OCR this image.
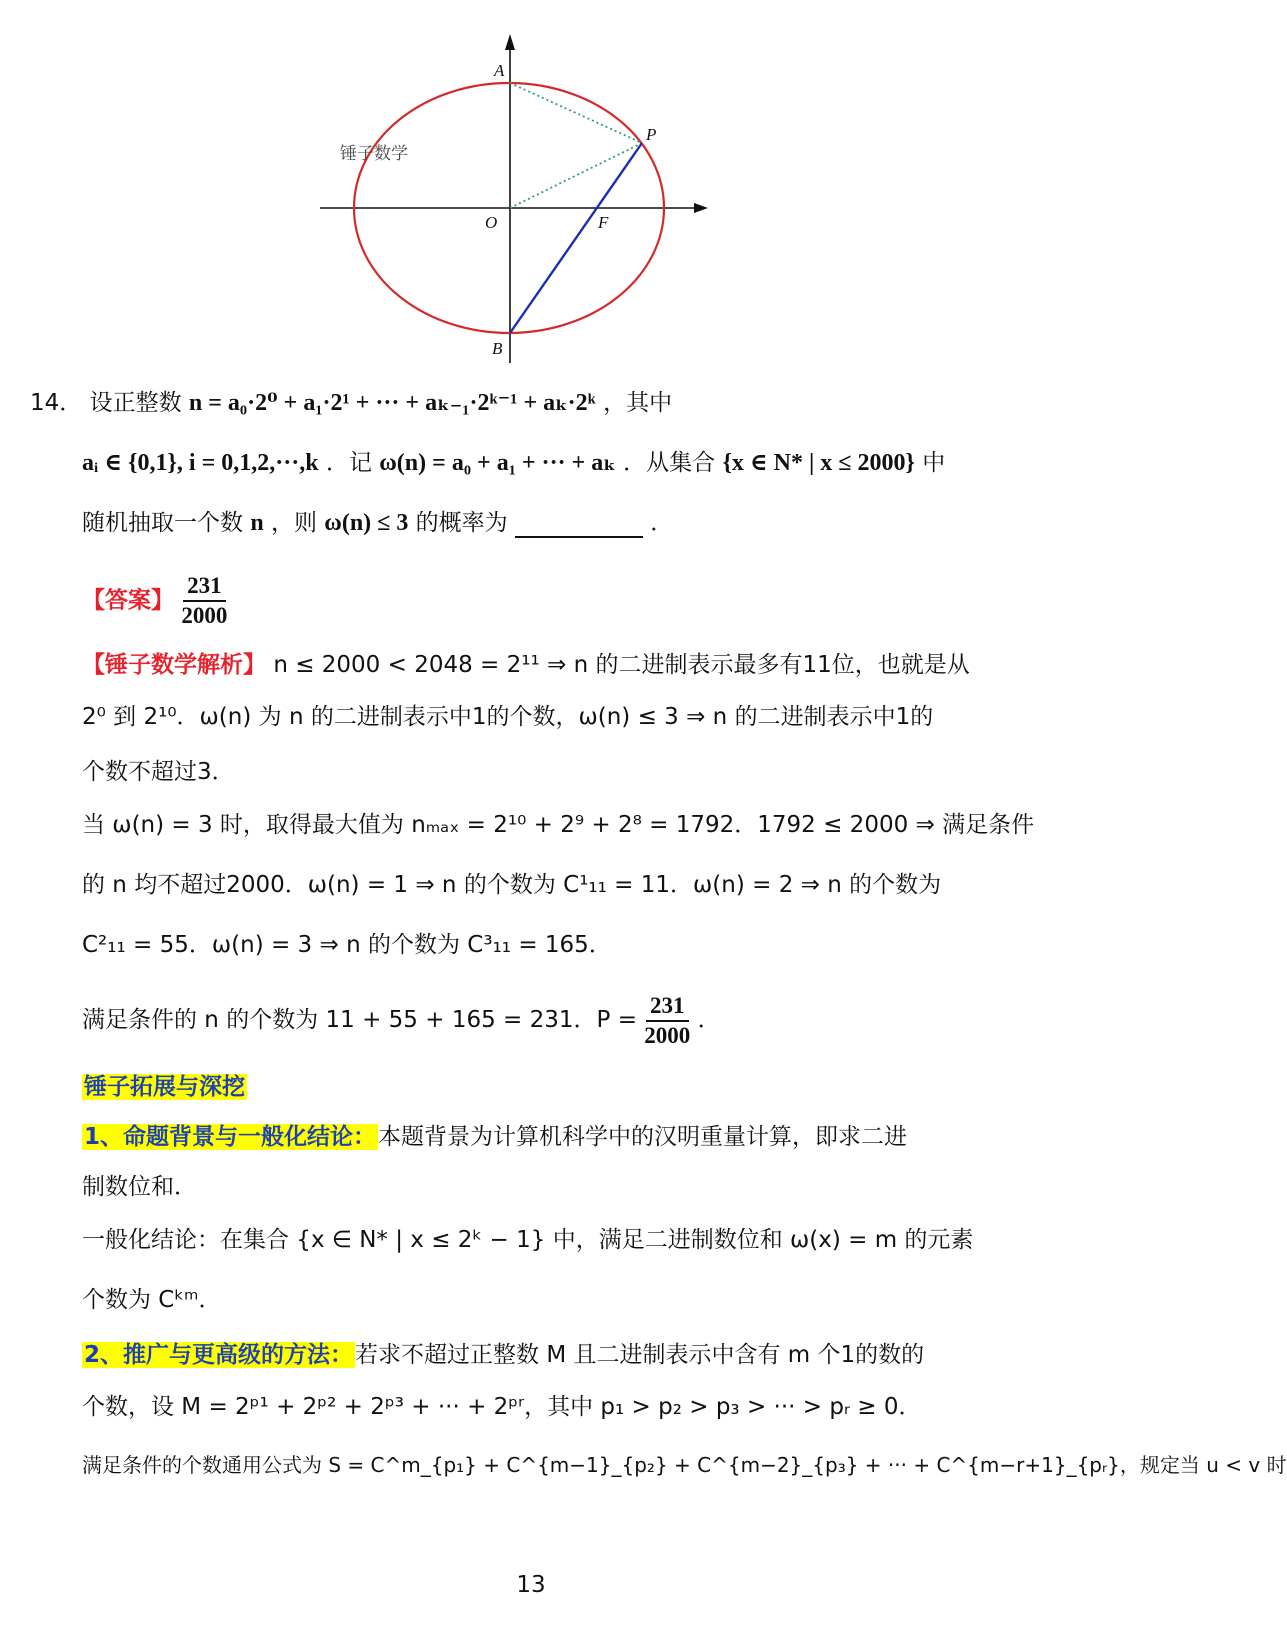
A
P
O	F
B
锤子数学
14． 设正整数 n = a₀·2⁰ + a₁·2¹ + ··· + aₖ₋₁·2ᵏ⁻¹ + aₖ·2ᵏ ，其中
aᵢ ∈ {0,1}, i = 0,1,2,···,k ．记 ω(n) = a₀ + a₁ + ··· + aₖ ．从集合 {x ∈ N* | x ≤ 2000} 中
随机抽取一个数 n ，则 ω(n) ≤ 3 的概率为	．
【答案】 $\frac{231}{2000}$
【锤子数学解析】 n ≤ 2000 < 2048 = 2¹¹ ⇒ n 的二进制表示最多有11位，也就是从
2⁰ 到 2¹⁰．ω(n) 为 n 的二进制表示中1的个数，ω(n) ≤ 3 ⇒ n 的二进制表示中1的
个数不超过3．
当 ω(n) = 3 时，取得最大值为 nₘₐₓ = 2¹⁰ + 2⁹ + 2⁸ = 1792．1792 ≤ 2000 ⇒ 满足条件
的 n 均不超过2000．ω(n) = 1 ⇒ n 的个数为 C¹₁₁ = 11．ω(n) = 2 ⇒ n 的个数为
C²₁₁ = 55．ω(n) = 3 ⇒ n 的个数为 C³₁₁ = 165．
满足条件的 n 的个数为 11 + 55 + 165 = 231．$P = \frac{231}{2000}$ ．
锤子拓展与深挖
1、命题背景与一般化结论：本题背景为计算机科学中的汉明重量计算，即求二进
制数位和．
一般化结论：在集合 {x ∈ N* | x ≤ 2ᵏ − 1} 中，满足二进制数位和 ω(x) = m 的元素
个数为 Cᵏᵐ．
2、推广与更高级的方法：若求不超过正整数 M 且二进制表示中含有 m 个1的数的
个数，设 M = 2ᵖ¹ + 2ᵖ² + 2ᵖ³ + ··· + 2ᵖʳ，其中 p₁ > p₂ > p₃ > ··· > pᵣ ≥ 0．
满足条件的个数通用公式为 S = C^m_{p₁} + C^{m−1}_{p₂} + C^{m−2}_{p₃} + ··· + C^{m−r+1}_{pᵣ}，规定当 u < v 时
13
